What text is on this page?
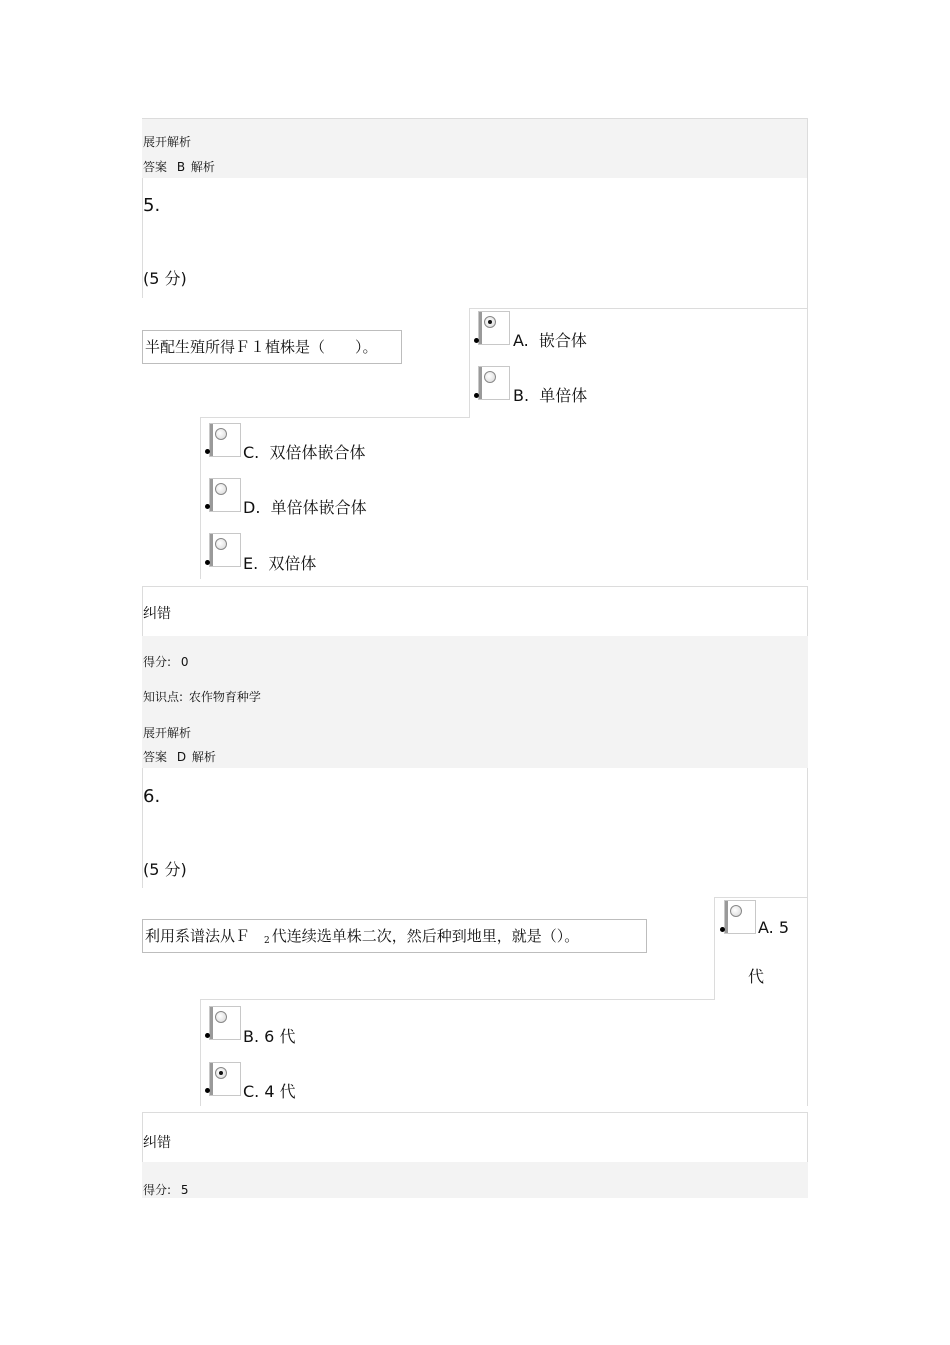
展开解析
答案 B 解析
5.
(5 分)
半配生殖所得Ｆ１植株是（　　）。	A. 嵌合体
B. 单倍体
C. 双倍体嵌合体
D. 单倍体嵌合体
E. 双倍体
纠错
得分: 0
知识点: 农作物育种学
展开解析
答案 D 解析
6.
(5 分)
利用系谱法从Ｆ 2 代连续选单株二次，然后种到地里，就是（）。	A. 5
代
B. 6 代
C. 4 代
纠错
得分: 5
